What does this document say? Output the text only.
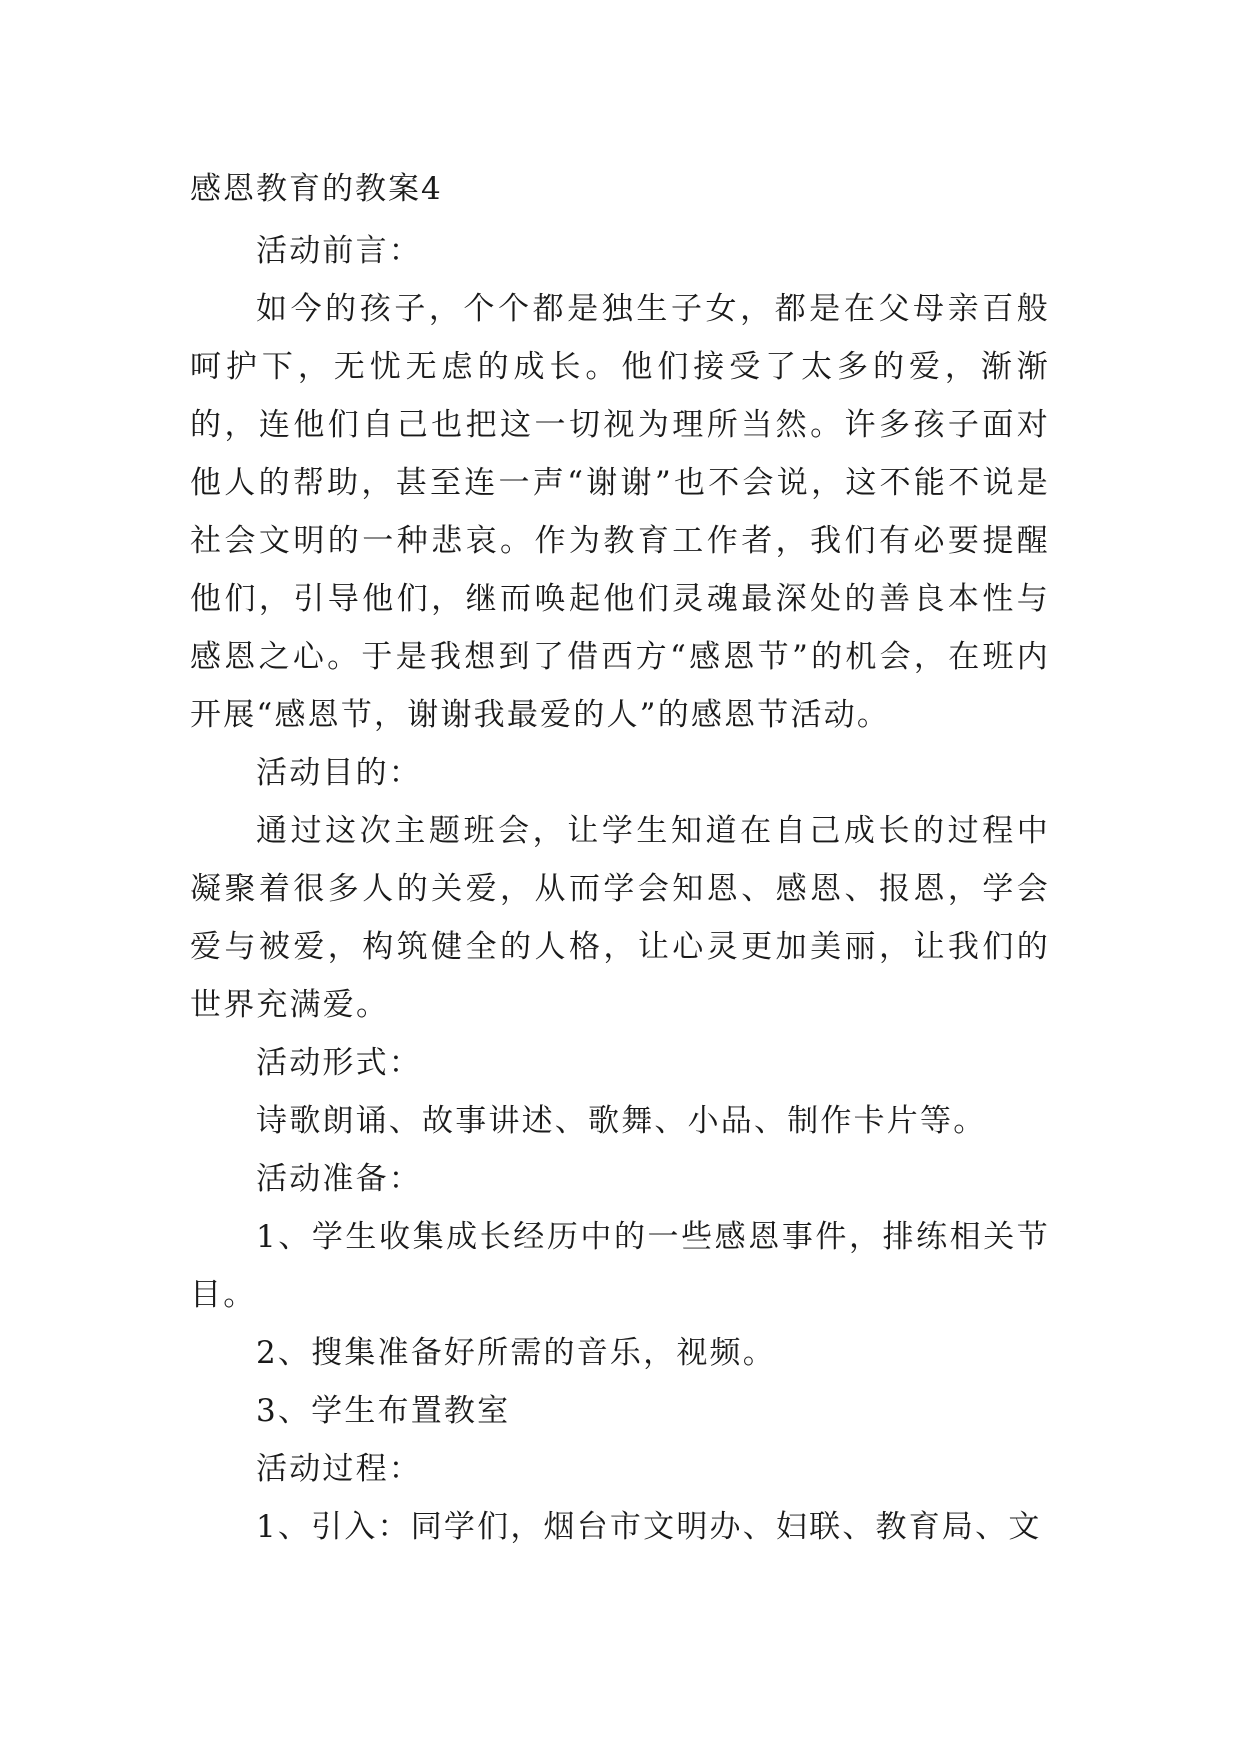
感恩教育的教案4

活动前言：

如今的孩子，个个都是独生子女，都是在父母亲百般呵护下，无忧无虑的成长。他们接受了太多的爱，渐渐的，连他们自己也把这一切视为理所当然。许多孩子面对他人的帮助，甚至连一声“谢谢”也不会说，这不能不说是社会文明的一种悲哀。作为教育工作者，我们有必要提醒他们，引导他们，继而唤起他们灵魂最深处的善良本性与感恩之心。于是我想到了借西方“感恩节”的机会，在班内开展“感恩节，谢谢我最爱的人”的感恩节活动。

活动目的：

通过这次主题班会，让学生知道在自己成长的过程中凝聚着很多人的关爱，从而学会知恩、感恩、报恩，学会爱与被爱，构筑健全的人格，让心灵更加美丽，让我们的世界充满爱。

活动形式：

诗歌朗诵、故事讲述、歌舞、小品、制作卡片等。

活动准备：

1、学生收集成长经历中的一些感恩事件，排练相关节目。

2、搜集准备好所需的音乐，视频。

3、学生布置教室

活动过程：

1、引入：同学们，烟台市文明办、妇联、教育局、文
